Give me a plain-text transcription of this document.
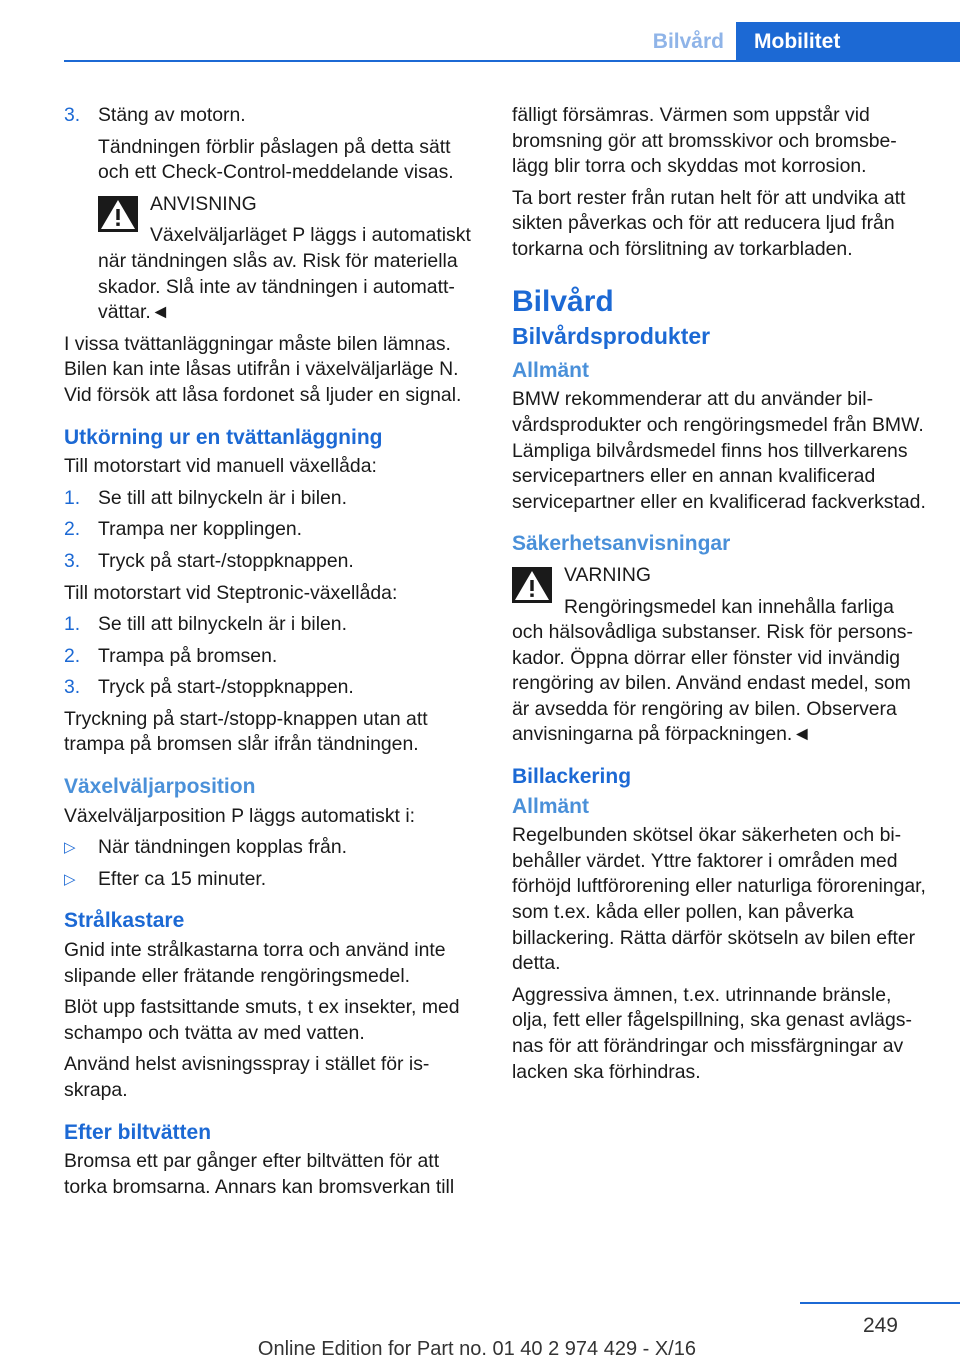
Bilvård	Mobilitet
3. Stäng av motorn.

Tändningen förblir påslagen på detta sätt och ett Check-Control-meddelande visas.

ANVISNING
Växelväljarläget P läggs i automatiskt när tändningen slås av. Risk för materiella skador. Slå inte av tändningen i automattvättar.◄

I vissa tvättanläggningar måste bilen lämnas. Bilen kan inte låsas utifrån i växelväljarläge N. Vid försök att låsa fordonet så ljuder en signal.

Utkörning ur en tvättanläggning

Till motorstart vid manuell växellåda:

1. Se till att bilnyckeln är i bilen.
2. Trampa ner kopplingen.
3. Tryck på start-/stoppknappen.

Till motorstart vid Steptronic-växellåda:

1. Se till att bilnyckeln är i bilen.
2. Trampa på bromsen.
3. Tryck på start-/stoppknappen.

Tryckning på start-/stopp-knappen utan att trampa på bromsen slår ifrån tändningen.

Växelväljarposition

Växelväljarposition P läggs automatiskt i:

▷	När tändningen kopplas från.
▷	Efter ca 15 minuter.
Strålkastare

Gnid inte strålkastarna torra och använd inte slipande eller frätande rengöringsmedel.

Blöt upp fastsittande smuts, t ex insekter, med schampo och tvätta av med vatten.

Använd helst avisningsspray i stället för isskrapa.

Efter biltvätten

Bromsa ett par gånger efter biltvätten för att torka bromsarna. Annars kan bromsverkan till

fälligt försämras. Värmen som uppstår vid bromsning gör att bromsskivor och bromsbelägg blir torra och skyddas mot korrosion.

Ta bort rester från rutan helt för att undvika att sikten påverkas och för att reducera ljud från torkarna och förslitning av torkarbladen.

Bilvård
Bilvårdsprodukter
Allmänt

BMW rekommenderar att du använder bilvårdsprodukter och rengöringsmedel från BMW. Lämpliga bilvårdsmedel finns hos tillverkarens servicepartners eller en annan kvalificerad servicepartner eller en kvalificerad fackverkstad.

Säkerhetsanvisningar
VARNING
Rengöringsmedel kan innehålla farliga och hälsovådliga substanser. Risk för personskador. Öppna dörrar eller fönster vid invändig rengöring av bilen. Använd endast medel, som är avsedda för rengöring av bilen. Observera anvisningarna på förpackningen.◄
Billackering
Allmänt

Regelbunden skötsel ökar säkerheten och bibehåller värdet. Yttre faktorer i områden med förhöjd luftförorening eller naturliga föroreningar, som t.ex. kåda eller pollen, kan påverka billackering. Rätta därför skötseln av bilen efter detta.

Aggressiva ämnen, t.ex. utrinnande bränsle, olja, fett eller fågelspillning, ska genast avlägsnas för att förändringar och missfärgningar av lacken ska förhindras.

249
Online Edition for Part no. 01 40 2 974 429 - X/16
